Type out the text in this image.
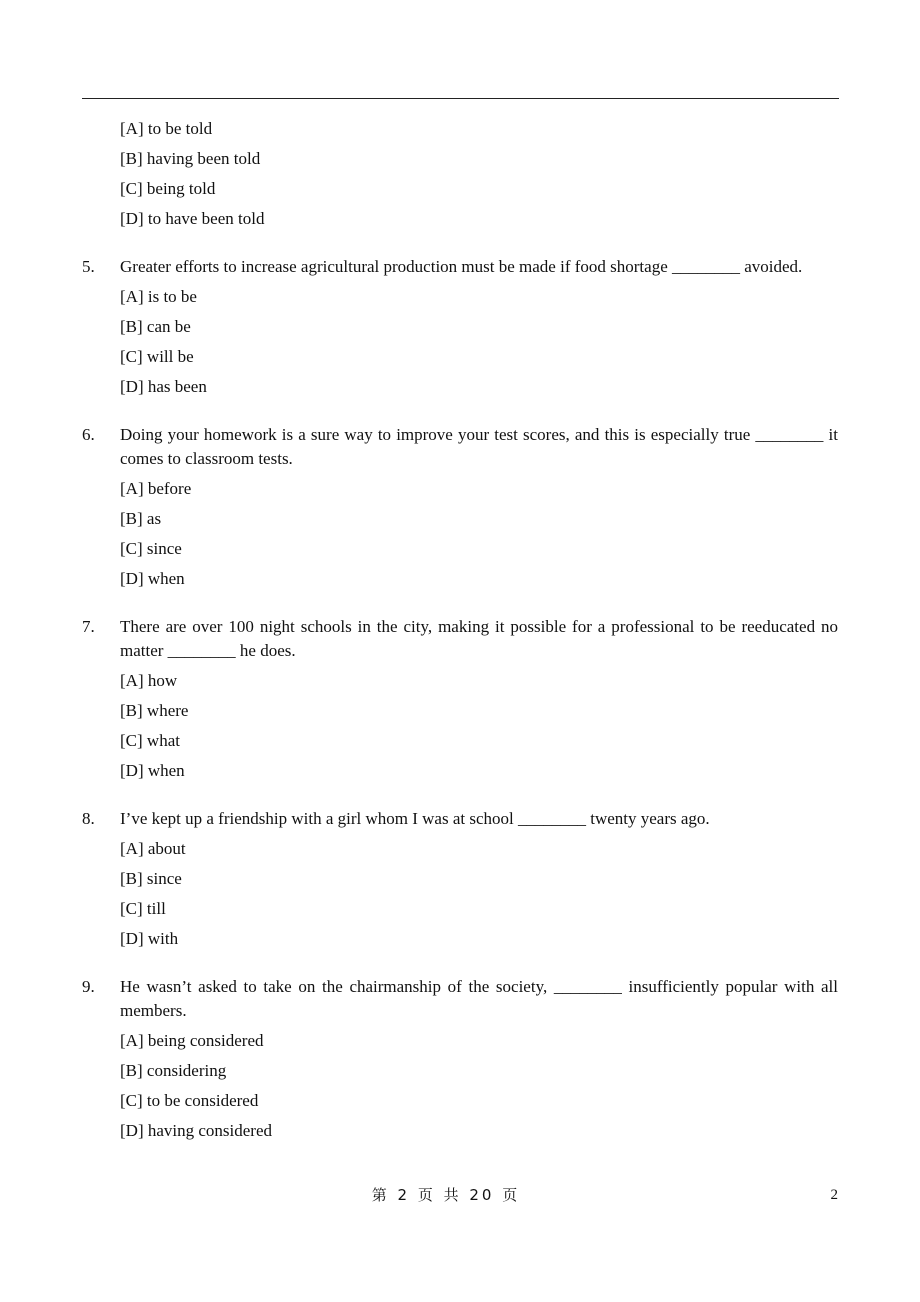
[A] to be told
[B] having been told
[C] being told
[D] to have been told
5.	Greater efforts to increase agricultural production must be made if food shortage ________ avoided.
[A] is to be
[B] can be
[C] will be
[D] has been
6.	Doing your homework is a sure way to improve your test scores, and this is especially true ________ it comes to classroom tests.
[A] before
[B] as
[C] since
[D] when
7.	There are over 100 night schools in the city, making it possible for a professional to be reeducated no matter ________ he does.
[A] how
[B] where
[C] what
[D] when
8.	I’ve kept up a friendship with a girl whom I was at school ________ twenty years ago.
[A] about
[B] since
[C] till
[D] with
9.	He wasn’t asked to take on the chairmanship of the society, ________ insufficiently popular with all members.
[A] being considered
[B] considering
[C] to be considered
[D] having considered
第 2 页 共 20 页	2
